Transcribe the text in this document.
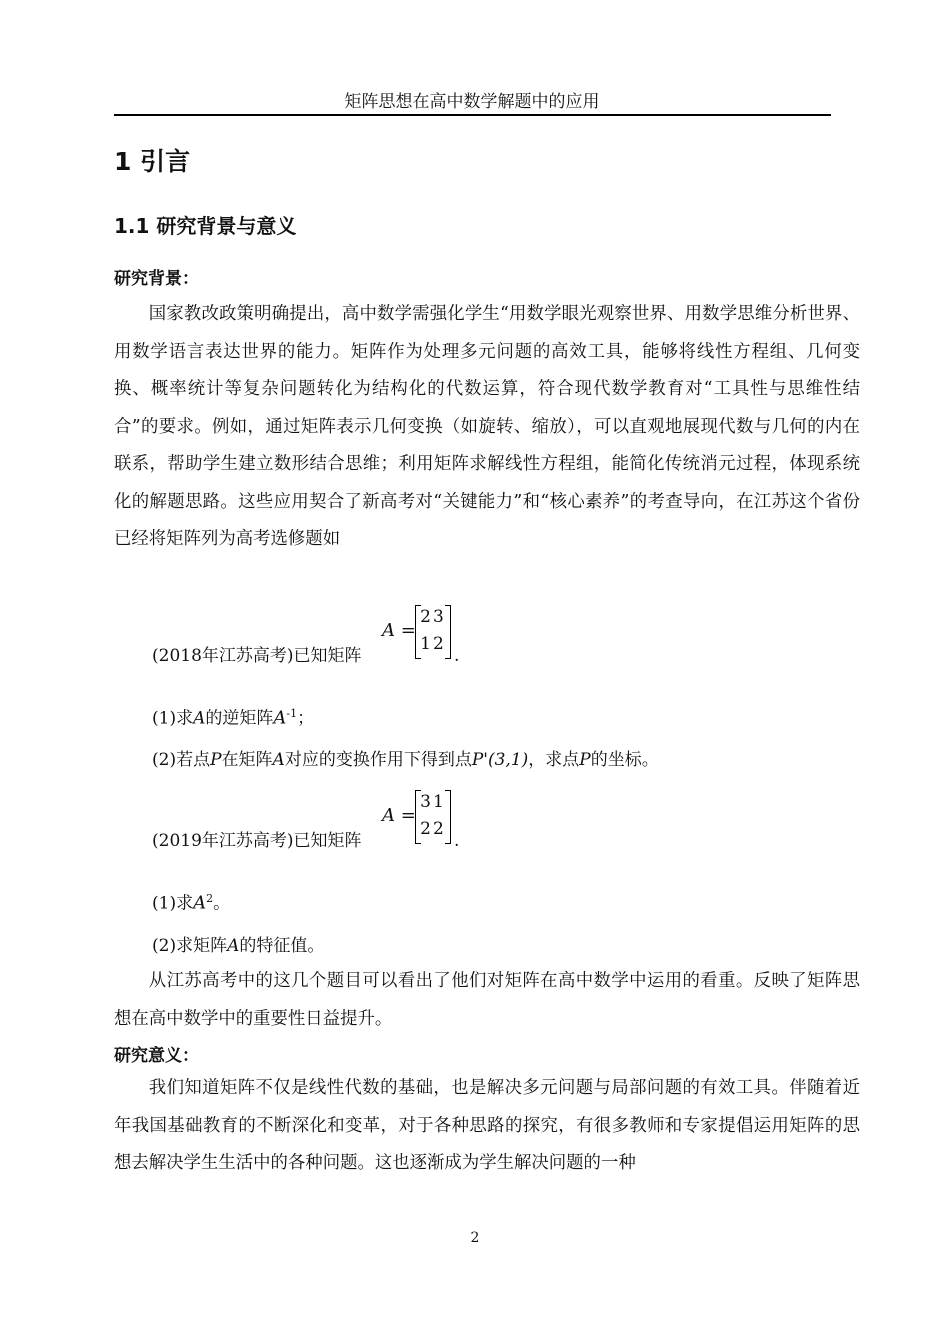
矩阵思想在高中数学解题中的应用
1 引言
1.1 研究背景与意义
研究背景：

国家教改政策明确提出，高中数学需强化学生“用数学眼光观察世界、用数学思维分析世界、用数学语言表达世界的能力。矩阵作为处理多元问题的高效工具，能够将线性方程组、几何变换、概率统计等复杂问题转化为结构化的代数运算，符合现代数学教育对“工具性与思维性结合”的要求。例如，通过矩阵表示几何变换（如旋转、缩放），可以直观地展现代数与几何的内在联系，帮助学生建立数形结合思维；利用矩阵求解线性方程组，能简化传统消元过程，体现系统化的解题思路。这些应用契合了新高考对“关键能力”和“核心素养”的考查导向，在江苏这个省份已经将矩阵列为高考选修题如

A =
23
12
(2018年江苏高考)已知矩阵	.
(1)求A的逆矩阵$A^{-1}$；
(2)若点P在矩阵A对应的变换作用下得到点P'(3,1)，求点P的坐标。
A =
31
22
(2019年江苏高考)已知矩阵	.
(1)求$A^2$。
(2)求矩阵A的特征值。

从江苏高考中的这几个题目可以看出了他们对矩阵在高中数学中运用的看重。反映了矩阵思想在高中数学中的重要性日益提升。

研究意义：

我们知道矩阵不仅是线性代数的基础，也是解决多元问题与局部问题的有效工具。伴随着近年我国基础教育的不断深化和变革，对于各种思路的探究，有很多教师和专家提倡运用矩阵的思想去解决学生生活中的各种问题。这也逐渐成为学生解决问题的一种

2
